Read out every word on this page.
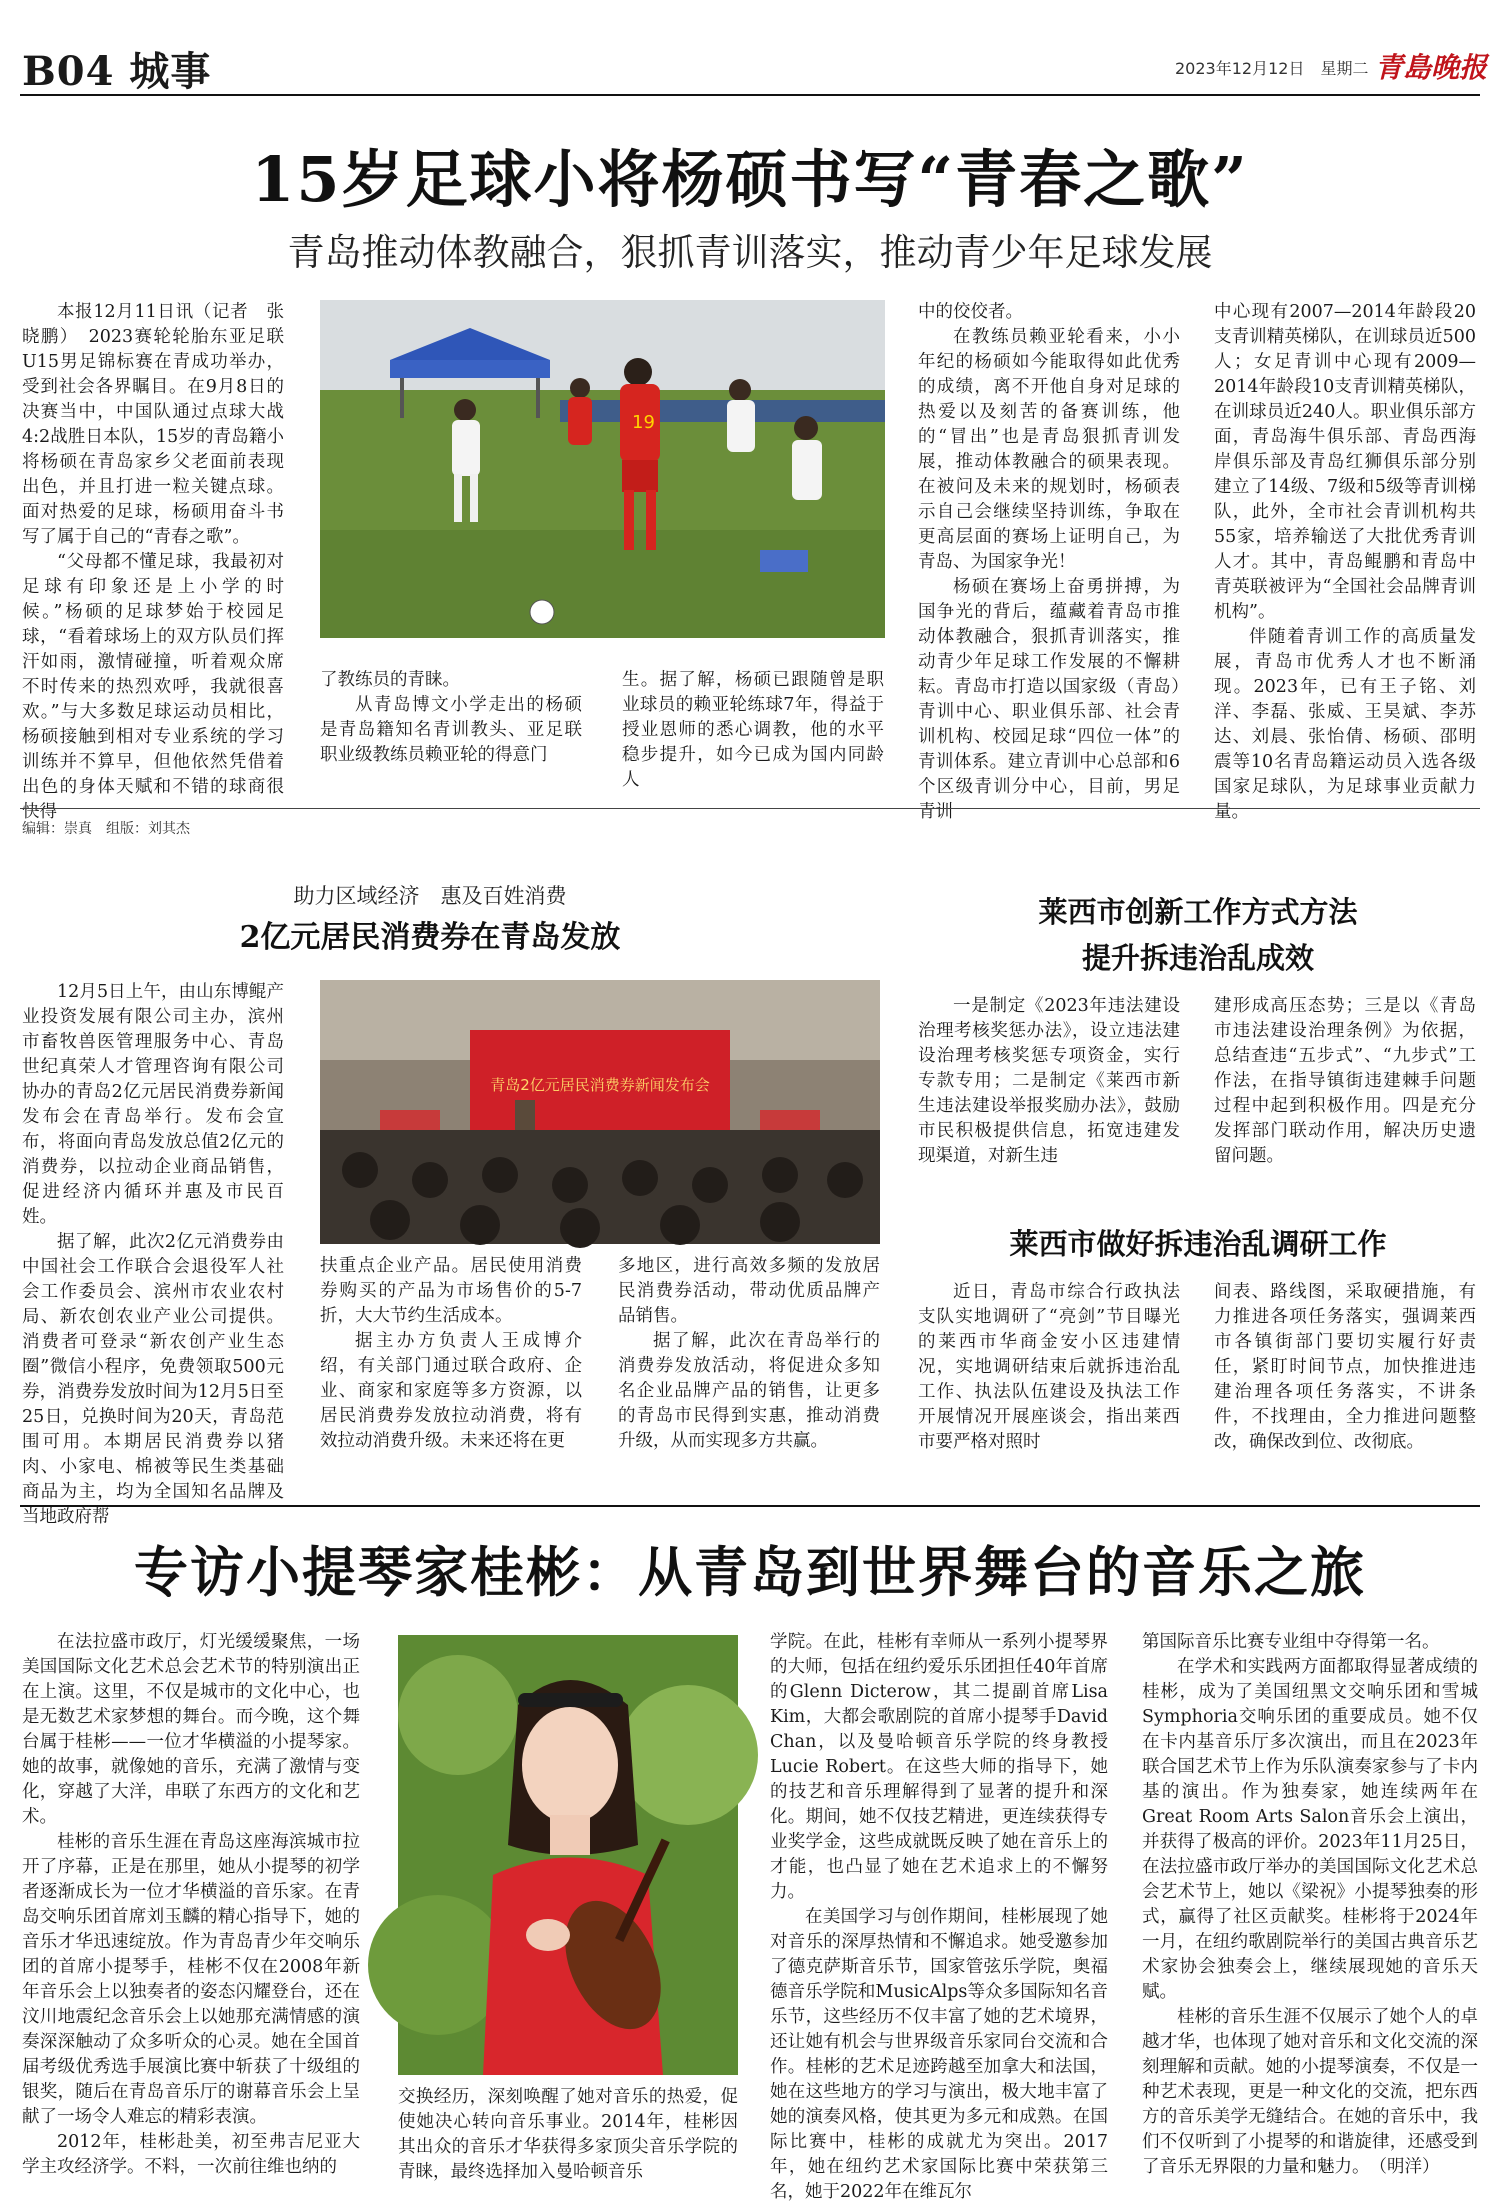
B04 城事	2023年12月12日　星期二 青島晚报
15岁足球小将杨硕书写“青春之歌”
青岛推动体教融合，狠抓青训落实，推动青少年足球发展

本报12月11日讯（记者　张晓鹏）　2023赛轮轮胎东亚足联U15男足锦标赛在青成功举办，受到社会各界瞩目。在9月8日的决赛当中，中国队通过点球大战4:2战胜日本队，15岁的青岛籍小将杨硕在青岛家乡父老面前表现出色，并且打进一粒关键点球。面对热爱的足球，杨硕用奋斗书写了属于自己的“青春之歌”。

“父母都不懂足球，我最初对足球有印象还是上小学的时候。”杨硕的足球梦始于校园足球，“看着球场上的双方队员们挥汗如雨，激情碰撞，听着观众席不时传来的热烈欢呼，我就很喜欢。”与大多数足球运动员相比，杨硕接触到相对专业系统的学习训练并不算早，但他依然凭借着出色的身体天赋和不错的球商很快得

19

了教练员的青睐。

从青岛博文小学走出的杨硕是青岛籍知名青训教头、亚足联职业级教练员赖亚轮的得意门

生。据了解，杨硕已跟随曾是职业球员的赖亚轮练球7年，得益于授业恩师的悉心调教，他的水平稳步提升，如今已成为国内同龄人

中的佼佼者。

在教练员赖亚轮看来，小小年纪的杨硕如今能取得如此优秀的成绩，离不开他自身对足球的热爱以及刻苦的备赛训练，他的“冒出”也是青岛狠抓青训发展，推动体教融合的硕果表现。在被问及未来的规划时，杨硕表示自己会继续坚持训练，争取在更高层面的赛场上证明自己，为青岛、为国家争光！

杨硕在赛场上奋勇拼搏，为国争光的背后，蕴藏着青岛市推动体教融合，狠抓青训落实，推动青少年足球工作发展的不懈耕耘。青岛市打造以国家级（青岛）青训中心、职业俱乐部、社会青训机构、校园足球“四位一体”的青训体系。建立青训中心总部和6个区级青训分中心，目前，男足青训

中心现有2007—2014年龄段20支青训精英梯队，在训球员近500人；女足青训中心现有2009—2014年龄段10支青训精英梯队，在训球员近240人。职业俱乐部方面，青岛海牛俱乐部、青岛西海岸俱乐部及青岛红狮俱乐部分别建立了14级、7级和5级等青训梯队，此外，全市社会青训机构共55家，培养输送了大批优秀青训人才。其中，青岛鲲鹏和青岛中青英联被评为“全国社会品牌青训机构”。

伴随着青训工作的高质量发展，青岛市优秀人才也不断涌现。2023年，已有王子铭、刘洋、李磊、张威、王昊斌、李苏达、刘晨、张怡倩、杨硕、邵明震等10名青岛籍运动员入选各级国家足球队，为足球事业贡献力量。

编辑：崇真　组版：刘其杰
助力区域经济　惠及百姓消费
2亿元居民消费券在青岛发放

12月5日上午，由山东博鲲产业投资发展有限公司主办，滨州市畜牧兽医管理服务中心、青岛世纪真荣人才管理咨询有限公司协办的青岛2亿元居民消费券新闻发布会在青岛举行。发布会宣布，将面向青岛发放总值2亿元的消费券，以拉动企业商品销售，促进经济内循环并惠及市民百姓。

据了解，此次2亿元消费券由中国社会工作联合会退役军人社会工作委员会、滨州市农业农村局、新农创农业产业公司提供。消费者可登录“新农创产业生态圈”微信小程序，免费领取500元券，消费券发放时间为12月5日至25日，兑换时间为20天，青岛范围可用。本期居民消费券以猪肉、小家电、棉被等民生类基础商品为主，均为全国知名品牌及当地政府帮

青岛2亿元居民消费券新闻发布会

扶重点企业产品。居民使用消费券购买的产品为市场售价的5-7折，大大节约生活成本。

据主办方负责人王成博介绍，有关部门通过联合政府、企业、商家和家庭等多方资源，以居民消费券发放拉动消费，将有效拉动消费升级。未来还将在更

多地区，进行高效多频的发放居民消费券活动，带动优质品牌产品销售。

据了解，此次在青岛举行的消费券发放活动，将促进众多知名企业品牌产品的销售，让更多的青岛市民得到实惠，推动消费升级，从而实现多方共赢。

莱西市创新工作方式方法
提升拆违治乱成效

一是制定《2023年违法建设治理考核奖惩办法》，设立违法建设治理考核奖惩专项资金，实行专款专用；二是制定《莱西市新生违法建设举报奖励办法》，鼓励市民积极提供信息，拓宽违建发现渠道，对新生违

建形成高压态势；三是以《青岛市违法建设治理条例》为依据，总结查违“五步式”、“九步式”工作法，在指导镇街违建棘手问题过程中起到积极作用。四是充分发挥部门联动作用，解决历史遗留问题。

莱西市做好拆违治乱调研工作

近日，青岛市综合行政执法支队实地调研了“亮剑”节目曝光的莱西市华商金安小区违建情况，实地调研结束后就拆违治乱工作、执法队伍建设及执法工作开展情况开展座谈会，指出莱西市要严格对照时

间表、路线图，采取硬措施，有力推进各项任务落实，强调莱西市各镇街部门要切实履行好责任，紧盯时间节点，加快推进违建治理各项任务落实，不讲条件，不找理由，全力推进问题整改，确保改到位、改彻底。

专访小提琴家桂彬：从青岛到世界舞台的音乐之旅

在法拉盛市政厅，灯光缓缓聚焦，一场美国国际文化艺术总会艺术节的特别演出正在上演。这里，不仅是城市的文化中心，也是无数艺术家梦想的舞台。而今晚，这个舞台属于桂彬——一位才华横溢的小提琴家。她的故事，就像她的音乐，充满了激情与变化，穿越了大洋，串联了东西方的文化和艺术。

桂彬的音乐生涯在青岛这座海滨城市拉开了序幕，正是在那里，她从小提琴的初学者逐渐成长为一位才华横溢的音乐家。在青岛交响乐团首席刘玉麟的精心指导下，她的音乐才华迅速绽放。作为青岛青少年交响乐团的首席小提琴手，桂彬不仅在2008年新年音乐会上以独奏者的姿态闪耀登台，还在汶川地震纪念音乐会上以她那充满情感的演奏深深触动了众多听众的心灵。她在全国首届考级优秀选手展演比赛中斩获了十级组的银奖，随后在青岛音乐厅的谢幕音乐会上呈献了一场令人难忘的精彩表演。

2012年，桂彬赴美，初至弗吉尼亚大学主攻经济学。不料，一次前往维也纳的

交换经历，深刻唤醒了她对音乐的热爱，促使她决心转向音乐事业。2014年，桂彬因其出众的音乐才华获得多家顶尖音乐学院的青睐，最终选择加入曼哈顿音乐

学院。在此，桂彬有幸师从一系列小提琴界的大师，包括在纽约爱乐乐团担任40年首席的Glenn Dicterow，其二提副首席Lisa Kim，大都会歌剧院的首席小提琴手David Chan，以及曼哈顿音乐学院的终身教授Lucie Robert。在这些大师的指导下，她的技艺和音乐理解得到了显著的提升和深化。期间，她不仅技艺精进，更连续获得专业奖学金，这些成就既反映了她在音乐上的才能，也凸显了她在艺术追求上的不懈努力。

在美国学习与创作期间，桂彬展现了她对音乐的深厚热情和不懈追求。她受邀参加了德克萨斯音乐节，国家管弦乐学院，奥福德音乐学院和MusicAlps等众多国际知名音乐节，这些经历不仅丰富了她的艺术境界，还让她有机会与世界级音乐家同台交流和合作。桂彬的艺术足迹跨越至加拿大和法国，她在这些地方的学习与演出，极大地丰富了她的演奏风格，使其更为多元和成熟。在国际比赛中，桂彬的成就尤为突出。2017年，她在纽约艺术家国际比赛中荣获第三名，她于2022年在维瓦尔

第国际音乐比赛专业组中夺得第一名。

在学术和实践两方面都取得显著成绩的桂彬，成为了美国纽黑文交响乐团和雪城Symphoria交响乐团的重要成员。她不仅在卡内基音乐厅多次演出，而且在2023年联合国艺术节上作为乐队演奏家参与了卡内基的演出。作为独奏家，她连续两年在Great Room Arts Salon音乐会上演出，并获得了极高的评价。2023年11月25日，在法拉盛市政厅举办的美国国际文化艺术总会艺术节上，她以《梁祝》小提琴独奏的形式，赢得了社区贡献奖。桂彬将于2024年一月，在纽约歌剧院举行的美国古典音乐艺术家协会独奏会上，继续展现她的音乐天赋。

桂彬的音乐生涯不仅展示了她个人的卓越才华，也体现了她对音乐和文化交流的深刻理解和贡献。她的小提琴演奏，不仅是一种艺术表现，更是一种文化的交流，把东西方的音乐美学无缝结合。在她的音乐中，我们不仅听到了小提琴的和谐旋律，还感受到了音乐无界限的力量和魅力。　（明洋）
